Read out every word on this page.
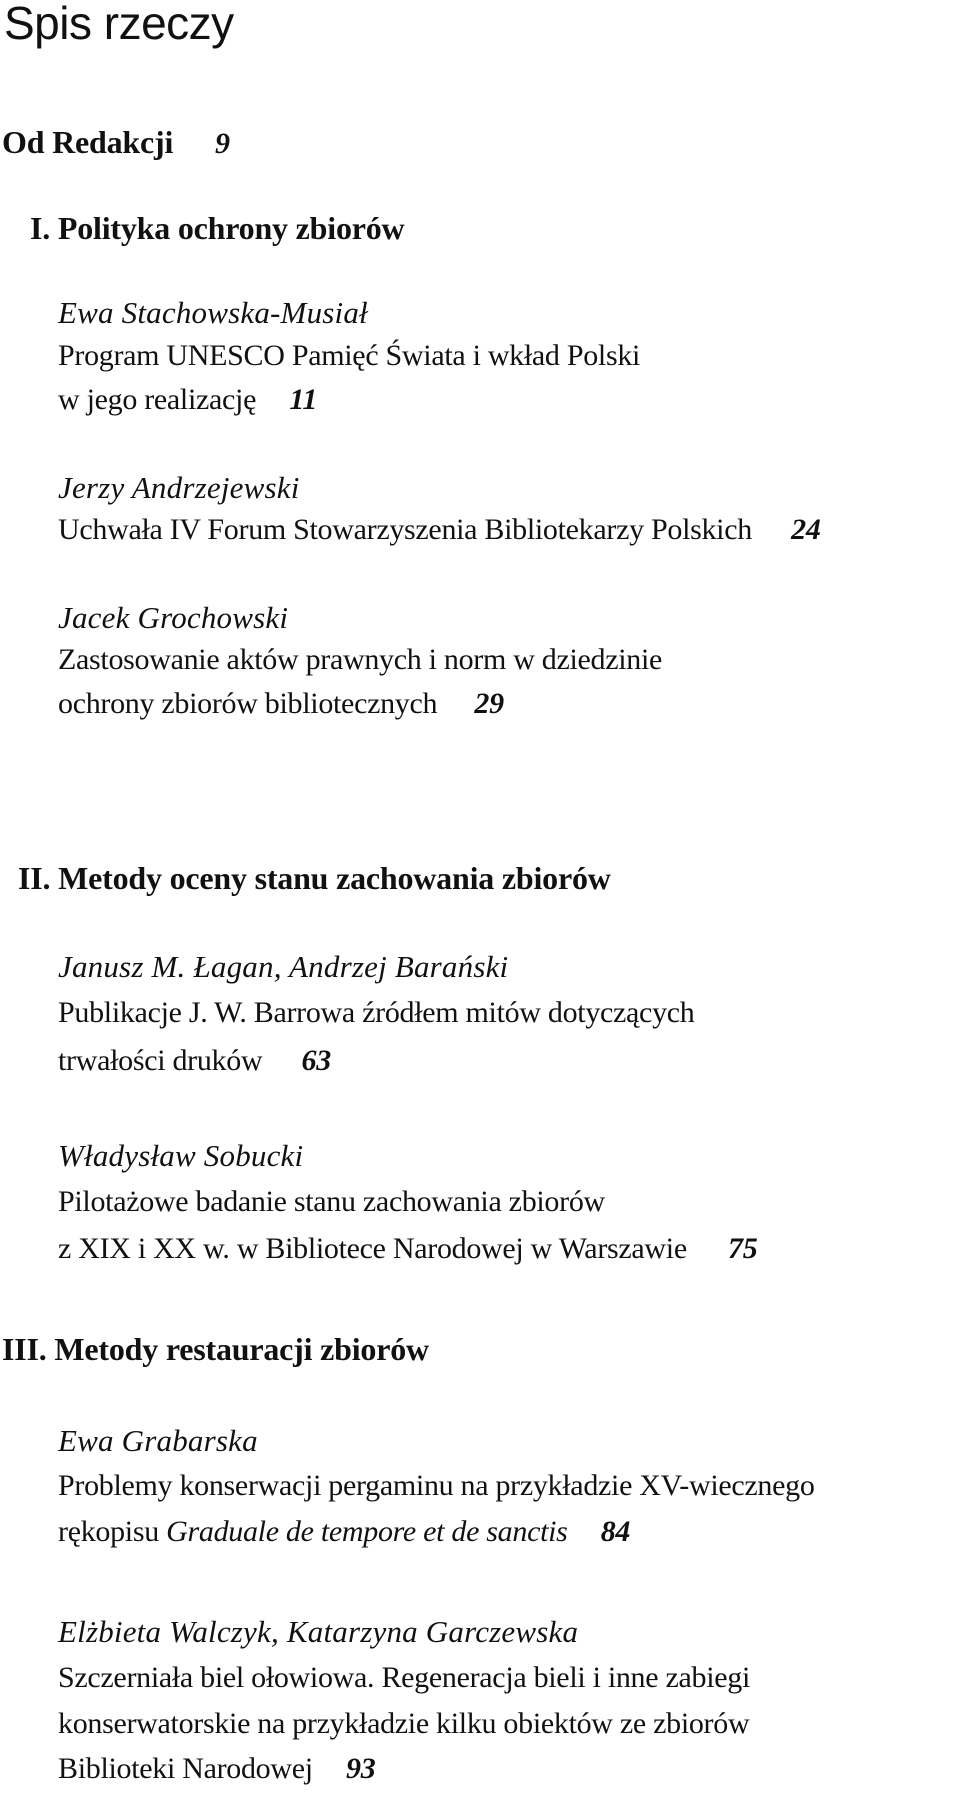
Spis rzeczy
Od Redakcji 9
I. Polityka ochrony zbiorów
Ewa Stachowska-Musiał
Program UNESCO Pamięć Świata i wkład Polski
w jego realizację 11
Jerzy Andrzejewski
Uchwała IV Forum Stowarzyszenia Bibliotekarzy Polskich 24
Jacek Grochowski
Zastosowanie aktów prawnych i norm w dziedzinie
ochrony zbiorów bibliotecznych 29
II. Metody oceny stanu zachowania zbiorów
Janusz M. Łagan, Andrzej Barański
Publikacje J. W. Barrowa źródłem mitów dotyczących
trwałości druków 63
Władysław Sobucki
Pilotażowe badanie stanu zachowania zbiorów
z XIX i XX w. w Bibliotece Narodowej w Warszawie 75
III. Metody restauracji zbiorów
Ewa Grabarska
Problemy konserwacji pergaminu na przykładzie XV-wiecznego
rękopisu Graduale de tempore et de sanctis 84
Elżbieta Walczyk, Katarzyna Garczewska
Szczerniała biel ołowiowa. Regeneracja bieli i inne zabiegi
konserwatorskie na przykładzie kilku obiektów ze zbiorów
Biblioteki Narodowej 93
